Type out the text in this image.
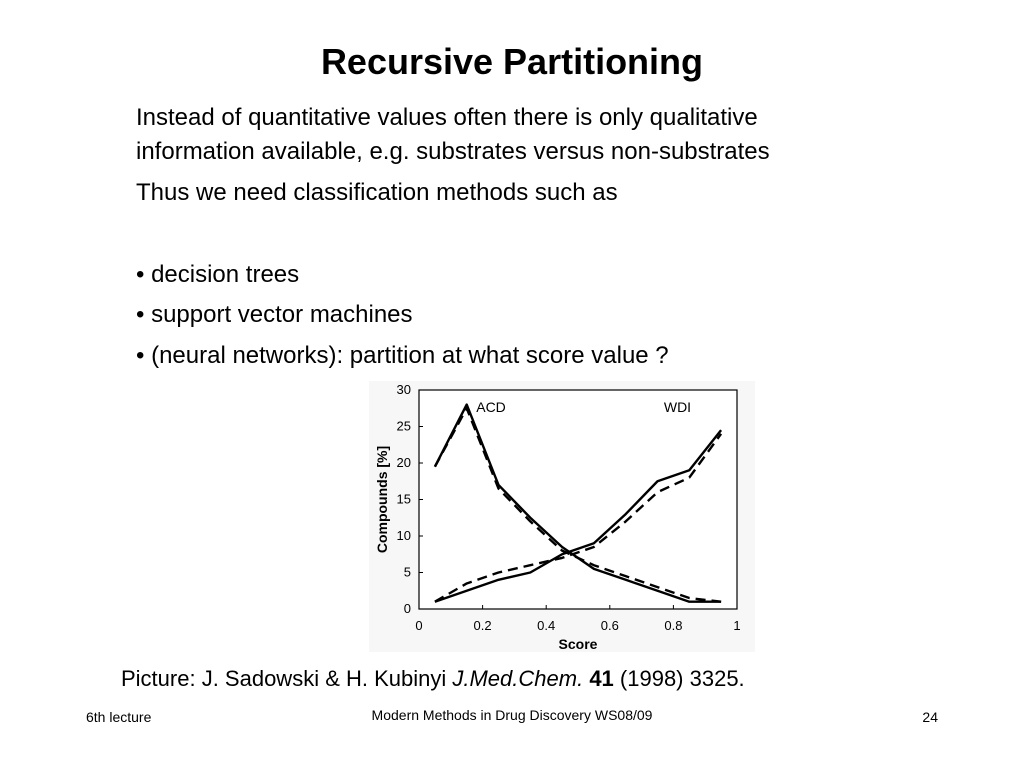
Recursive Partitioning
Instead of quantitative values often there is only qualitative
information available, e.g. substrates versus non-substrates
Thus we need classification methods such as
• decision trees
• support vector machines
• (neural networks): partition at what score value ?
0	0.2	0.4	0.6	0.8	1
0
5
10
15
20
25
30
Score
Compounds [%]
ACD	WDI
Picture: J. Sadowski & H. Kubinyi J.Med.Chem. 41 (1998) 3325.
6th lecture	Modern Methods in Drug Discovery WS08/09	24
